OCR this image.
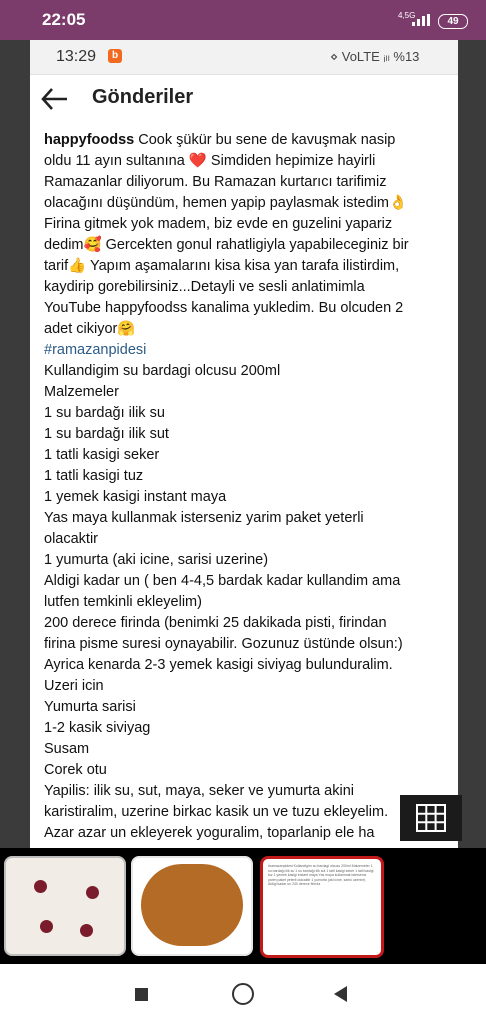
22:05	4,5G
49
13:29	b	⋄ VoLTE ᵢₗₗ %13
Gönderiler
happyfoodss Cook şükür bu sene de kavuşmak nasip
oldu 11 ayın sultanına ❤️ Simdiden hepimize hayirli
Ramazanlar diliyorum. Bu Ramazan kurtarıcı tarifimiz
olacağını düşündüm, hemen yapip paylasmak istedim👌
Firina gitmek yok madem, biz evde en guzelini yapariz
dedim🥰 Gercekten gonul rahatligiyla yapabileceginiz bir
tarif👍 Yapım aşamalarını kisa kisa yan tarafa ilistirdim,
kaydirip gorebilirsiniz...Detayli ve sesli anlatimimla
YouTube happyfoodss kanalima yukledim. Bu olcuden 2
adet cikiyor🤗
#ramazanpidesi
Kullandigim su bardagi olcusu 200ml
Malzemeler
1 su bardağı ilik su
1 su bardağı ilik sut
1 tatli kasigi seker
1 tatli kasigi tuz
1 yemek kasigi instant maya
Yas maya kullanmak isterseniz yarim paket yeterli
olacaktir
1 yumurta (aki icine, sarisi uzerine)
Aldigi kadar un ( ben 4-4,5 bardak kadar kullandim ama
lutfen temkinli ekleyelim)
200 derece firinda (benimki 25 dakikada pisti, firindan
firina pisme suresi oynayabilir. Gozunuz üstünde olsun:)
Ayrica kenarda 2-3 yemek kasigi siviyag bulunduralim.
Uzeri icin
Yumurta sarisi
1-2 kasik siviyag
Susam
Corek otu
Yapilis: ilik su, sut, maya, seker ve yumurta akini
karistiralim, uzerine birkac kasik un ve tuzu ekleyelim.
Azar azar un ekleyerek yoguralim, toparlanip ele ha
#ramazanpidesi Kullandigim su bardagi olcusu 200ml Malzemeler 1 su bardağı ilik su 1 su bardağı ilik sut 1 tatli kasigi seker 1 tatli kasigi tuz 1 yemek kasigi instant maya Yas maya kullanmak isterseniz yarim paket yeterli olacaktir 1 yumurta (aki icine, sarisi uzerine) Aldigi kadar un 200 derece firinda
